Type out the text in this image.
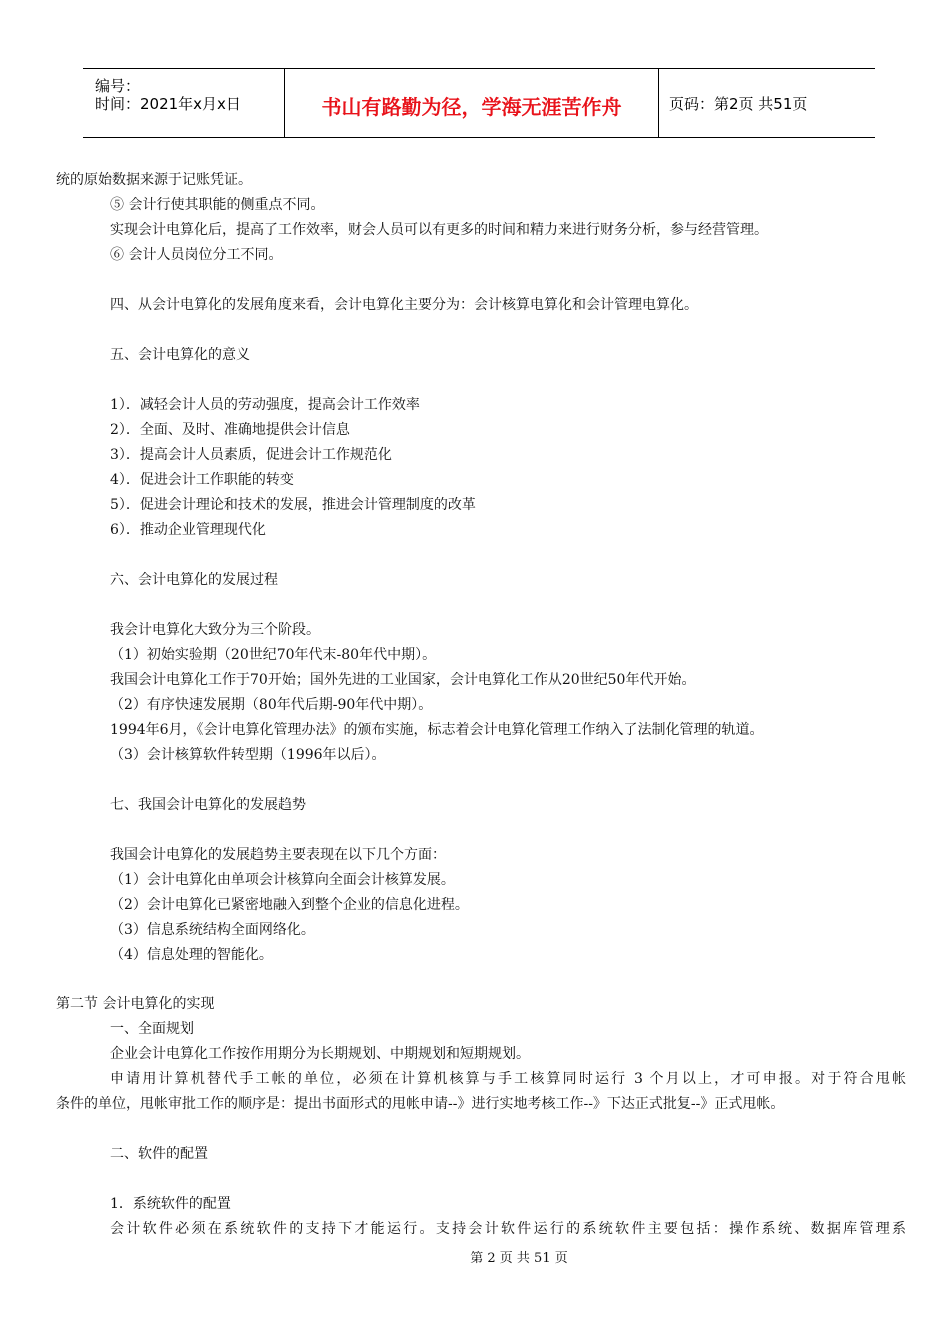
编号：
时间：2021年x月x日	书山有路勤为径，学海无涯苦作舟	页码：第2页 共51页
统的原始数据来源于记账凭证。
⑤ 会计行使其职能的侧重点不同。
实现会计电算化后，提高了工作效率，财会人员可以有更多的时间和精力来进行财务分析，参与经营管理。
⑥ 会计人员岗位分工不同。
四、从会计电算化的发展角度来看，会计电算化主要分为：会计核算电算化和会计管理电算化。
五、会计电算化的意义
1）．减轻会计人员的劳动强度，提高会计工作效率
2）．全面、及时、准确地提供会计信息
3）．提高会计人员素质，促进会计工作规范化
4）．促进会计工作职能的转变
5）．促进会计理论和技术的发展，推进会计管理制度的改革
6）．推动企业管理现代化
六、会计电算化的发展过程
我会计电算化大致分为三个阶段。
（1）初始实验期（20世纪70年代末-80年代中期）。
我国会计电算化工作于70开始；国外先进的工业国家，会计电算化工作从20世纪50年代开始。
（2）有序快速发展期（80年代后期-90年代中期）。
1994年6月，《会计电算化管理办法》的颁布实施，标志着会计电算化管理工作纳入了法制化管理的轨道。
（3）会计核算软件转型期（1996年以后）。
七、我国会计电算化的发展趋势
我国会计电算化的发展趋势主要表现在以下几个方面：
（1）会计电算化由单项会计核算向全面会计核算发展。
（2）会计电算化已紧密地融入到整个企业的信息化进程。
（3）信息系统结构全面网络化。
（4）信息处理的智能化。
第二节 会计电算化的实现
一、全面规划
企业会计电算化工作按作用期分为长期规划、中期规划和短期规划。
申请用计算机替代手工帐的单位，必须在计算机核算与手工核算同时运行 3 个月以上，才可申报。对于符合甩帐
条件的单位，甩帐审批工作的顺序是：提出书面形式的甩帐申请--》进行实地考核工作--》下达正式批复--》正式甩帐。
二、软件的配置
1．系统软件的配置
会计软件必须在系统软件的支持下才能运行。支持会计软件运行的系统软件主要包括：操作系统、数据库管理系
第 2 页 共 51 页
